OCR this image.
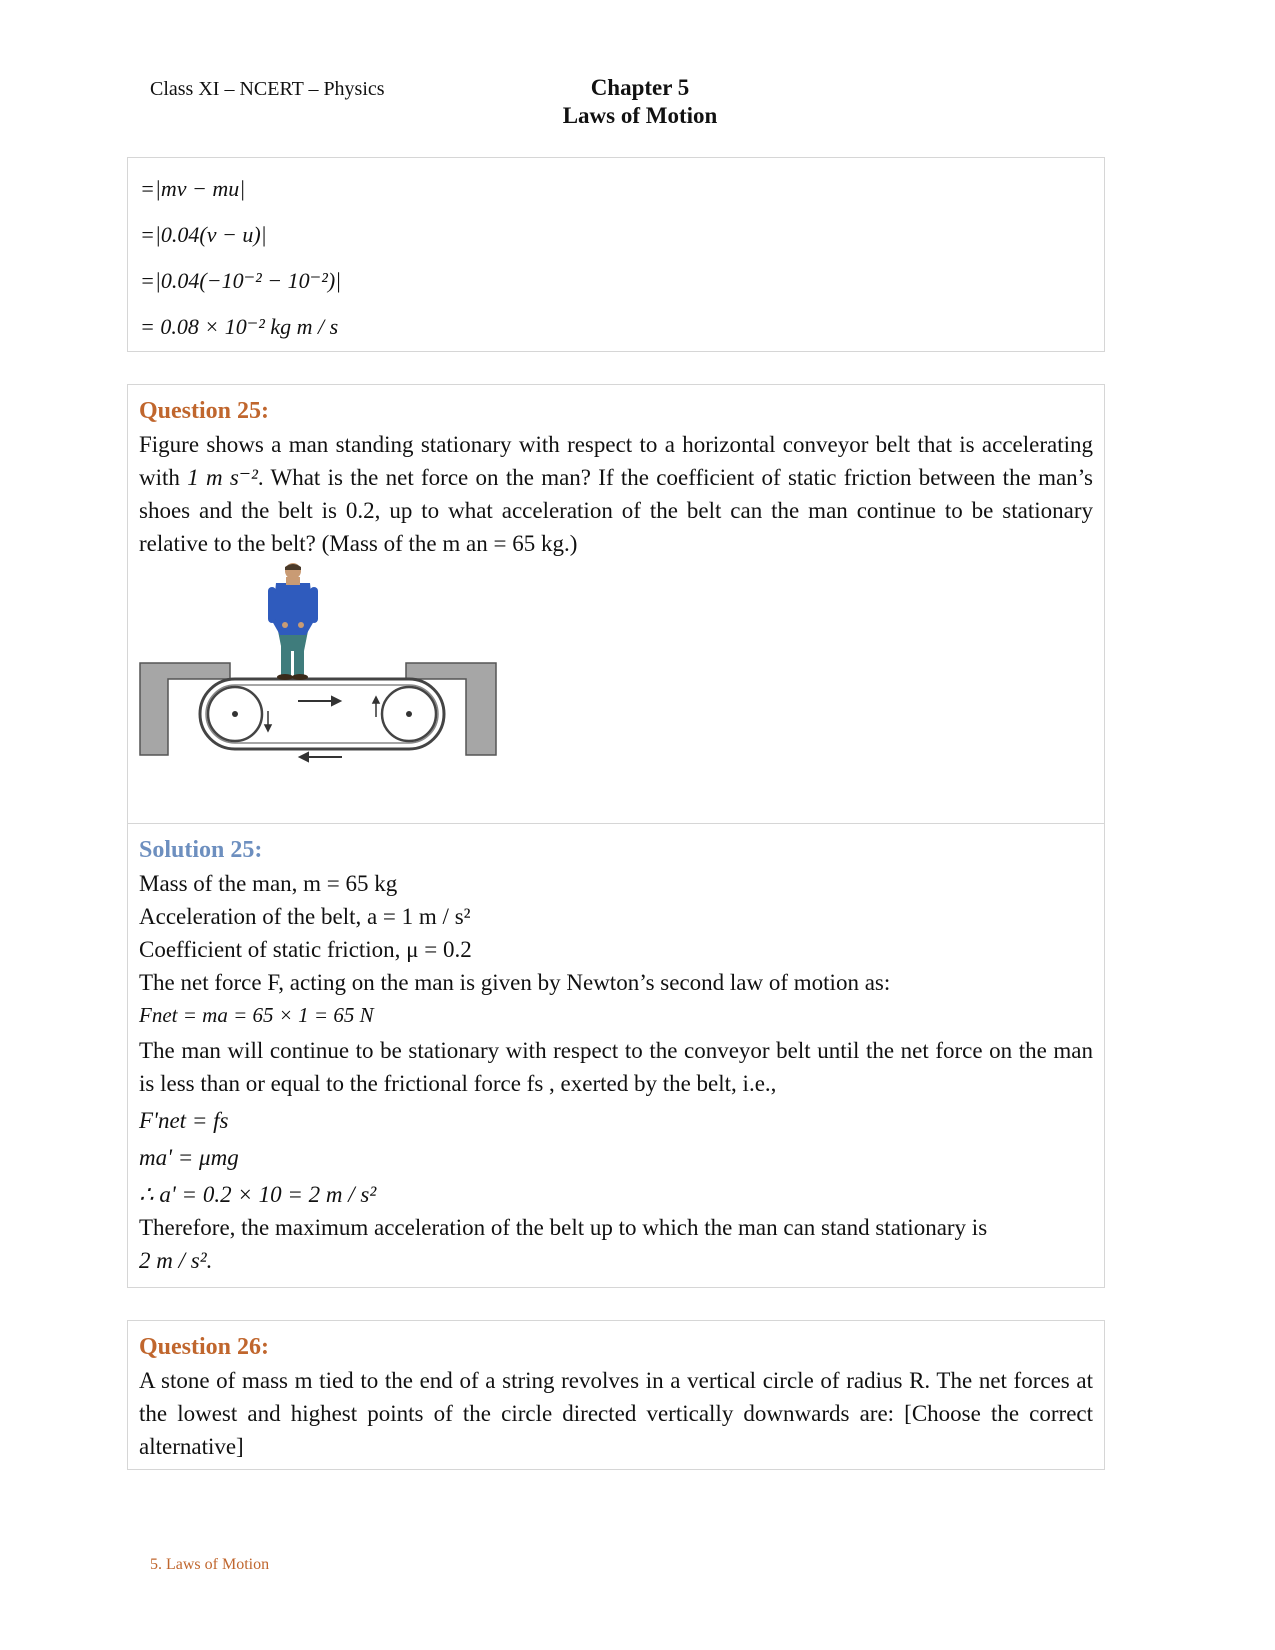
Class XI – NCERT – Physics	Chapter 5
Laws of Motion
=|mv − mu|
=|0.04(v − u)|
=|0.04(−10⁻² − 10⁻²)|
= 0.08 × 10⁻² kg m / s
Question 25:
Figure shows a man standing stationary with respect to a horizontal conveyor belt that is accelerating with 1 m s⁻². What is the net force on the man? If the coefficient of static friction between the man’s shoes and the belt is 0.2, up to what acceleration of the belt can the man continue to be stationary relative to the belt? (Mass of the m an = 65 kg.)
Solution 25:
Mass of the man, m = 65 kg
Acceleration of the belt, a = 1 m / s²
Coefficient of static friction, μ = 0.2
The net force F, acting on the man is given by Newton’s second law of motion as:
Fnet = ma = 65 × 1 = 65 N
The man will continue to be stationary with respect to the conveyor belt until the net force on the man is less than or equal to the frictional force fs , exerted by the belt, i.e.,
F'net = fs
ma' = μmg
∴ a' = 0.2 × 10 = 2 m / s²
Therefore, the maximum acceleration of the belt up to which the man can stand stationary is
2 m / s².
Question 26:
A stone of mass m tied to the end of a string revolves in a vertical circle of radius R. The net forces at the lowest and highest points of the circle directed vertically downwards are: [Choose the correct alternative]
5. Laws of Motion
